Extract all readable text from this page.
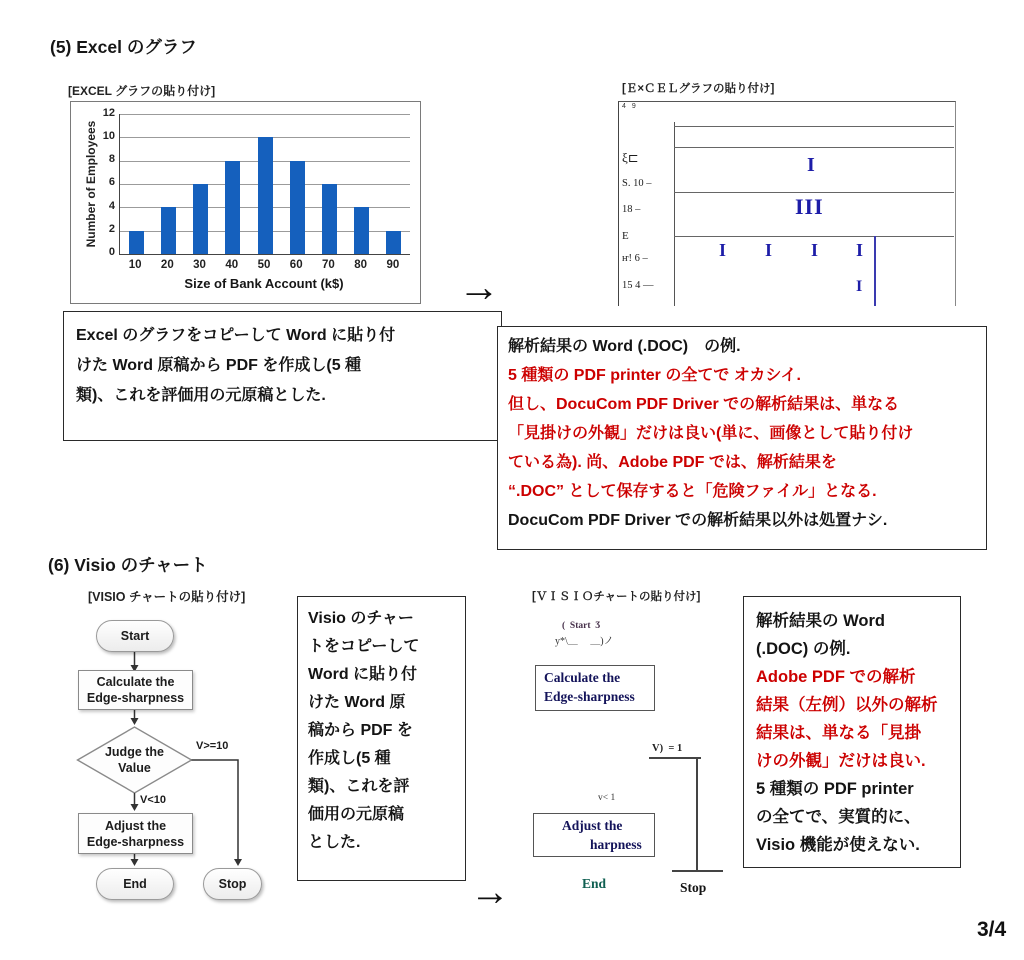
(5) Excel のグラフ
[EXCEL グラフの貼り付け]
Number of Employees
12
10
8
6
4
2
0
10	20	30	40	50	60	70	80	90
Size of Bank Account (k$)
Excel のグラフをコピーして Word に貼り付
けた Word 原稿から PDF を作成し(5 種
類)、これを評価用の元原稿とした.
→
[Ｅ×ＣＥＬグラフの貼り付け]
4 9
ξ⊏
S. 10 –
18 –
E
ҥ! 6 –
15 4 —
I
III
I I I I
I
解析結果の Word (.DOC)　の例.
5 種類の PDF printer の全てで オカシイ.
但し、DocuCom PDF Driver での解析結果は、単なる
「見掛けの外観」だけは良い(単に、画像として貼り付け
ている為). 尚、Adobe PDF では、解析結果を
“.DOC” として保存すると「危険ファイル」となる.
DocuCom PDF Driver での解析結果以外は処置ナシ.
(6) Visio のチャート
[VISIO チャートの貼り付け]
Start
Calculate the
Edge-sharpness
Judge the
Value
V>=10
V<10
Adjust the
Edge-sharpness
End	Stop
Visio のチャー
トをコピーして
Word に貼り付
けた Word 原
稿から PDF を
作成し(5 種
類)、これを評
価用の元原稿
とした.
[ＶＩＳＩＯチャートの貼り付け]
(  Start  Ӡ
y*\＿　 ＿)ノ
Calculate the
Edge-sharpness
V)  = 1
v< 1
Adjust the
harpness
End	Stop
→
解析結果の Word
(.DOC) の例.
Adobe PDF での解析
結果（左例）以外の解析
結果は、単なる「見掛
けの外観」だけは良い.
5 種類の PDF printer
の全てで、実質的に、
Visio 機能が使えない.
3/4
